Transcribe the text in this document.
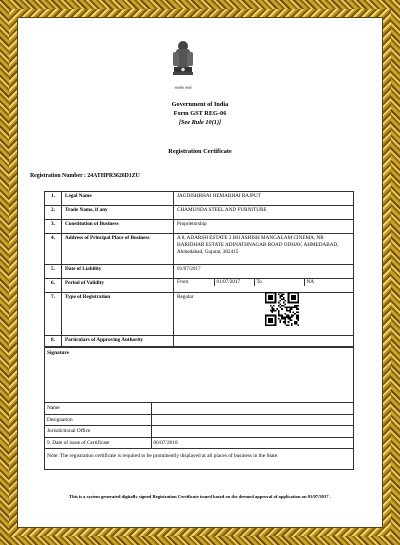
सत्यमेव जयते
Government of India
Form GST REG-06
[See Rule 10(1)]
Registration Certificate
Registration Number : 24ATHPR3626D1ZU
1.	Legal Name	JAGDISHBHAI HEMABHAI RAJPUT
2.	Trade Name, if any	CHAMUNDA STEEL AND FURNITURE
3.	Constitution of Business	Proprietorship
4.	Address of Principal Place of Business	A 8, ADARSH ESTATE 2 BH ASHISH MANGALAM CINEMA, NR HARIDHAR ESTATE ADINATHNAGAR ROAD ODHAV, AHMEDABAD, Ahmedabad, Gujarat, 382415
5.	Date of Liability	01/07/2017
6.	Period of Validity		From	01/07/2017	To	NA

7.	Type of Registration	Regular
8.	Particulars of Approving Authority	
Signature
Name	
Designation	
Jurisdictional Office	
9. Date of issue of Certificate	06/07/2018
Note: The registration certificate is required to be prominently displayed at all places of business in the State.	
This is a system generated digitally signed Registration Certificate issued based on the deemed approval of application on 01/07/2017 .
